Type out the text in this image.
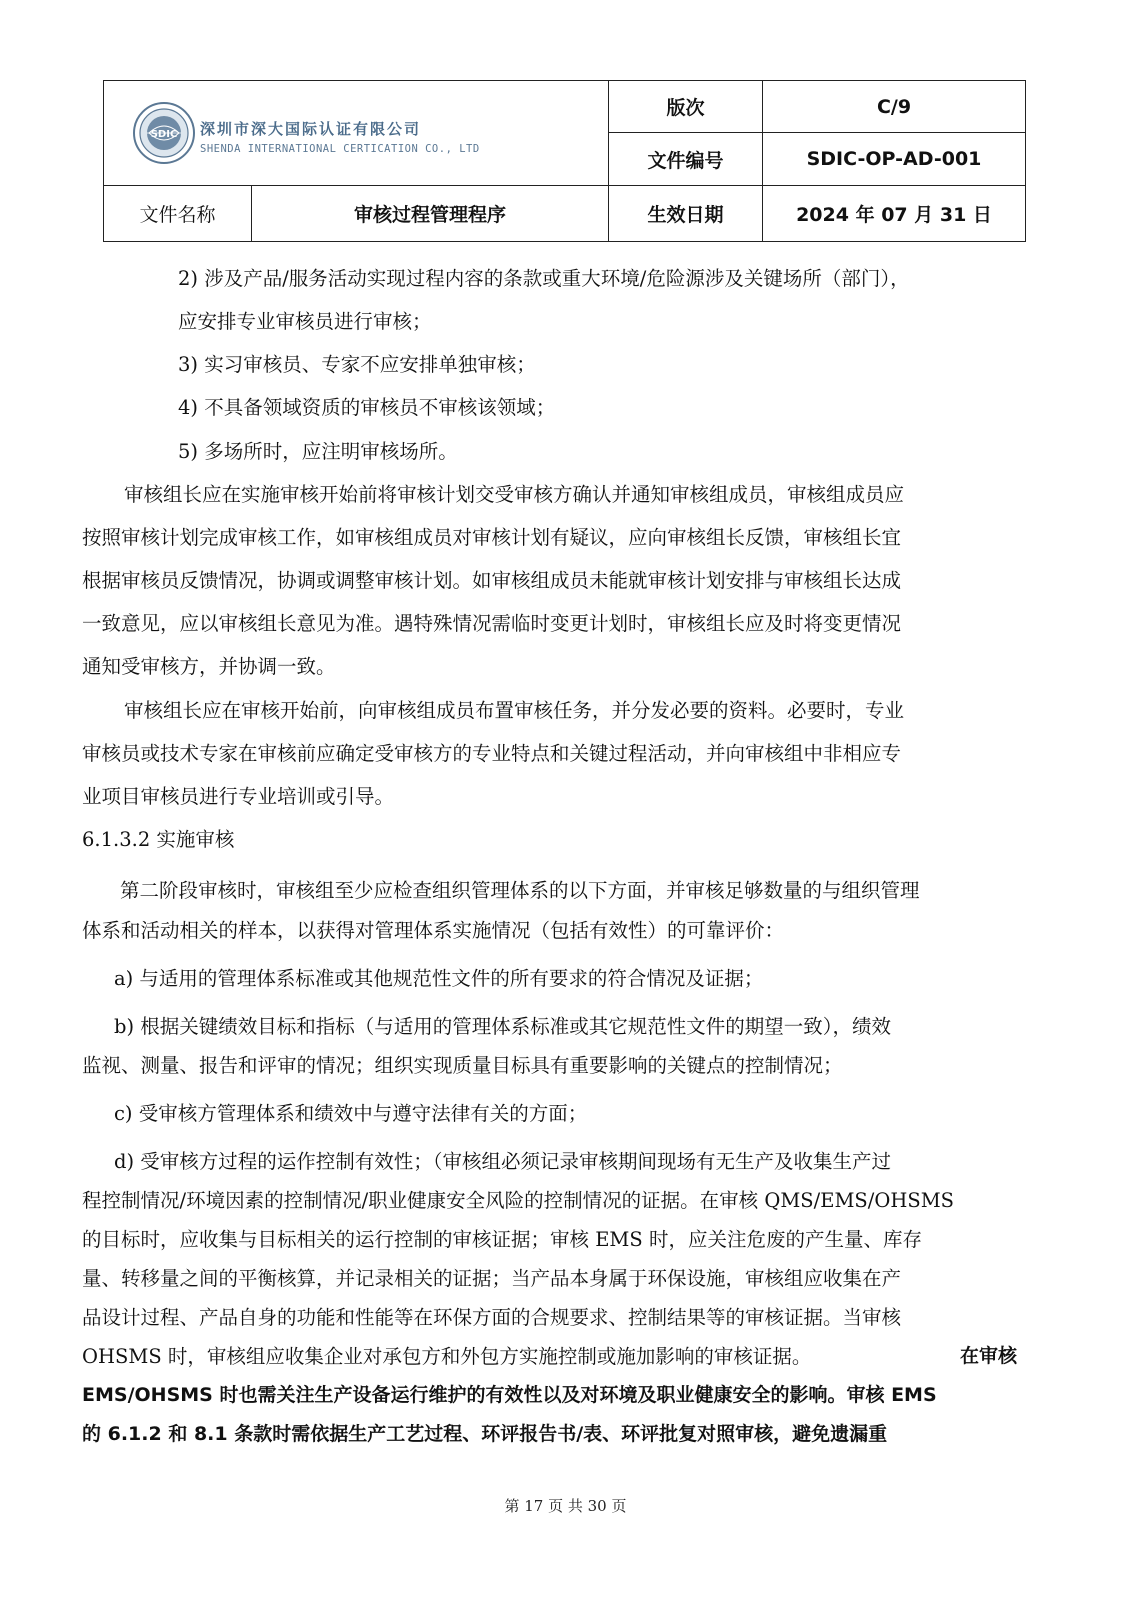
SDIC 深圳市深大国际认证有限公司
SHENDA INTERNATIONAL CERTICATION CO., LTD		版次	C/9
		文件编号	SDIC-OP-AD-001
文件名称	审核过程管理程序	生效日期	2024 年 07 月 31 日
2) 涉及产品/服务活动实现过程内容的条款或重大环境/危险源涉及关键场所（部门），
应安排专业审核员进行审核；
3) 实习审核员、专家不应安排单独审核；
4) 不具备领域资质的审核员不审核该领域；
5) 多场所时，应注明审核场所。
审核组长应在实施审核开始前将审核计划交受审核方确认并通知审核组成员，审核组成员应
按照审核计划完成审核工作，如审核组成员对审核计划有疑议，应向审核组长反馈，审核组长宜
根据审核员反馈情况，协调或调整审核计划。如审核组成员未能就审核计划安排与审核组长达成
一致意见，应以审核组长意见为准。遇特殊情况需临时变更计划时，审核组长应及时将变更情况
通知受审核方，并协调一致。
审核组长应在审核开始前，向审核组成员布置审核任务，并分发必要的资料。必要时，专业
审核员或技术专家在审核前应确定受审核方的专业特点和关键过程活动，并向审核组中非相应专
业项目审核员进行专业培训或引导。
6.1.3.2 实施审核
第二阶段审核时，审核组至少应检查组织管理体系的以下方面，并审核足够数量的与组织管理
体系和活动相关的样本，以获得对管理体系实施情况（包括有效性）的可靠评价：
a) 与适用的管理体系标准或其他规范性文件的所有要求的符合情况及证据；
b) 根据关键绩效目标和指标（与适用的管理体系标准或其它规范性文件的期望一致），绩效
监视、测量、报告和评审的情况；组织实现质量目标具有重要影响的关键点的控制情况；
c) 受审核方管理体系和绩效中与遵守法律有关的方面；
d) 受审核方过程的运作控制有效性；（审核组必须记录审核期间现场有无生产及收集生产过
程控制情况/环境因素的控制情况/职业健康安全风险的控制情况的证据。在审核 QMS/EMS/OHSMS
的目标时，应收集与目标相关的运行控制的审核证据；审核 EMS 时，应关注危废的产生量、库存
量、转移量之间的平衡核算，并记录相关的证据；当产品本身属于环保设施，审核组应收集在产
品设计过程、产品自身的功能和性能等在环保方面的合规要求、控制结果等的审核证据。当审核
OHSMS 时，审核组应收集企业对承包方和外包方实施控制或施加影响的审核证据。	在审核
EMS/OHSMS 时也需关注生产设备运行维护的有效性以及对环境及职业健康安全的影响。审核 EMS
的 6.1.2 和 8.1 条款时需依据生产工艺过程、环评报告书/表、环评批复对照审核，避免遗漏重
第 17 页 共 30 页
